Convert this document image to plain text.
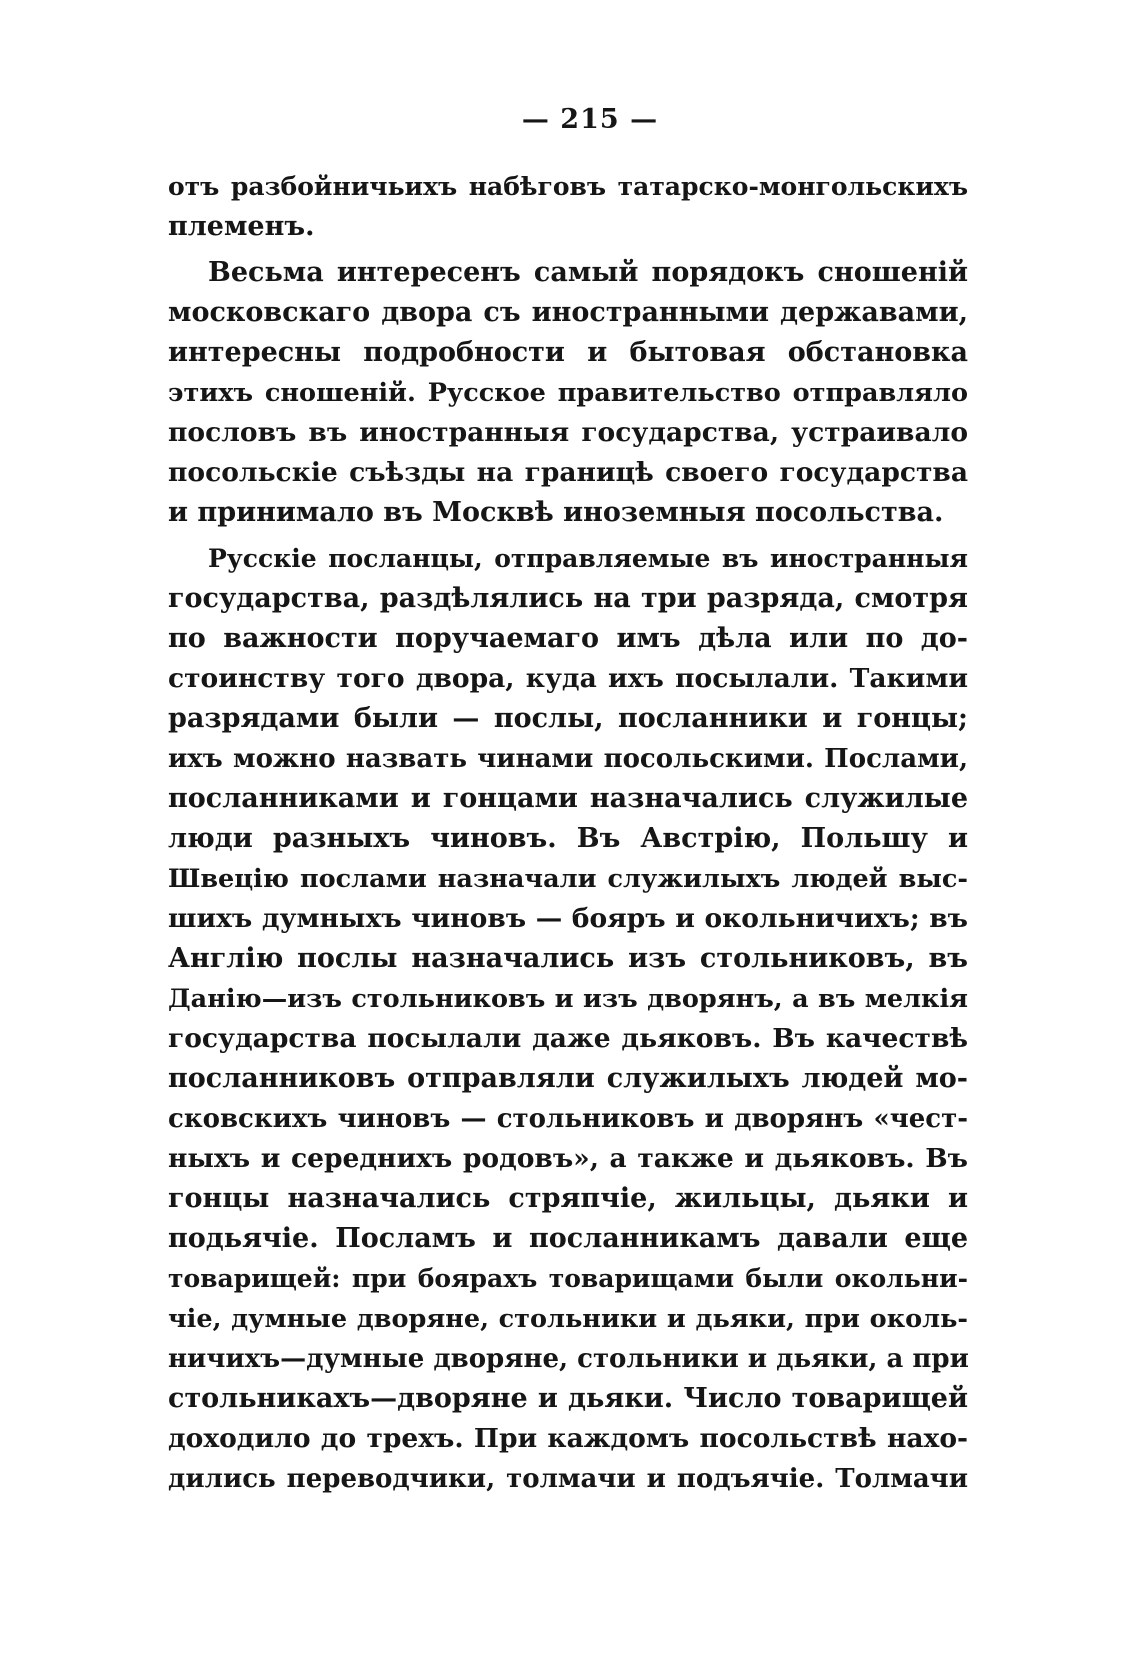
— 215 —
отъ разбойничьихъ набѣговъ татарско-монгольскихъ
племенъ.
Весьма интересенъ самый порядокъ сношеній
московскагo двора съ иностранными державами,
интересны подробности и бытовая обстановка
этихъ сношеній. Русское правительство отправляло
пословъ въ иностранныя государства, устраивало
посольскіе съѣзды на границѣ своего государства
и принимало въ Москвѣ иноземныя посольства.
Русскіе посланцы, отправляемые въ иностранныя
государства, раздѣлялись на три разряда, смотря
по важности поручаемаго имъ дѣла или по до-
стоинству того двора, куда ихъ посылали. Такими
разрядами были — послы, посланники и гонцы;
ихъ можно назвать чинами посольскими. Послами,
посланниками и гонцами назначались служилые
люди разныхъ чиновъ. Въ Австрію, Польшу и
Швецію послами назначали служилыхъ людей выс-
шихъ думныхъ чиновъ — бояръ и окольничихъ; въ
Англію послы назначались изъ стольниковъ, въ
Данію—изъ стольниковъ и изъ дворянъ, а въ мелкія
государства посылали даже дьяковъ. Въ качествѣ
посланниковъ отправляли служилыхъ людей мо-
сковскихъ чиновъ — стольниковъ и дворянъ «чест-
ныхъ и середнихъ родовъ», а также и дьяковъ. Въ
гонцы назначались стряпчіе, жильцы, дьяки и
подьячіе. Посламъ и посланникамъ давали еще
товарищей: при боярахъ товарищами были окольни-
чіе, думные дворяне, стольники и дьяки, при околь-
ничихъ—думные дворяне, стольники и дьяки, а при
стольникахъ—дворяне и дьяки. Число товарищей
доходило до трехъ. При каждомъ посольствѣ нахо-
дились переводчики, толмачи и подъячіе. Толмачи
